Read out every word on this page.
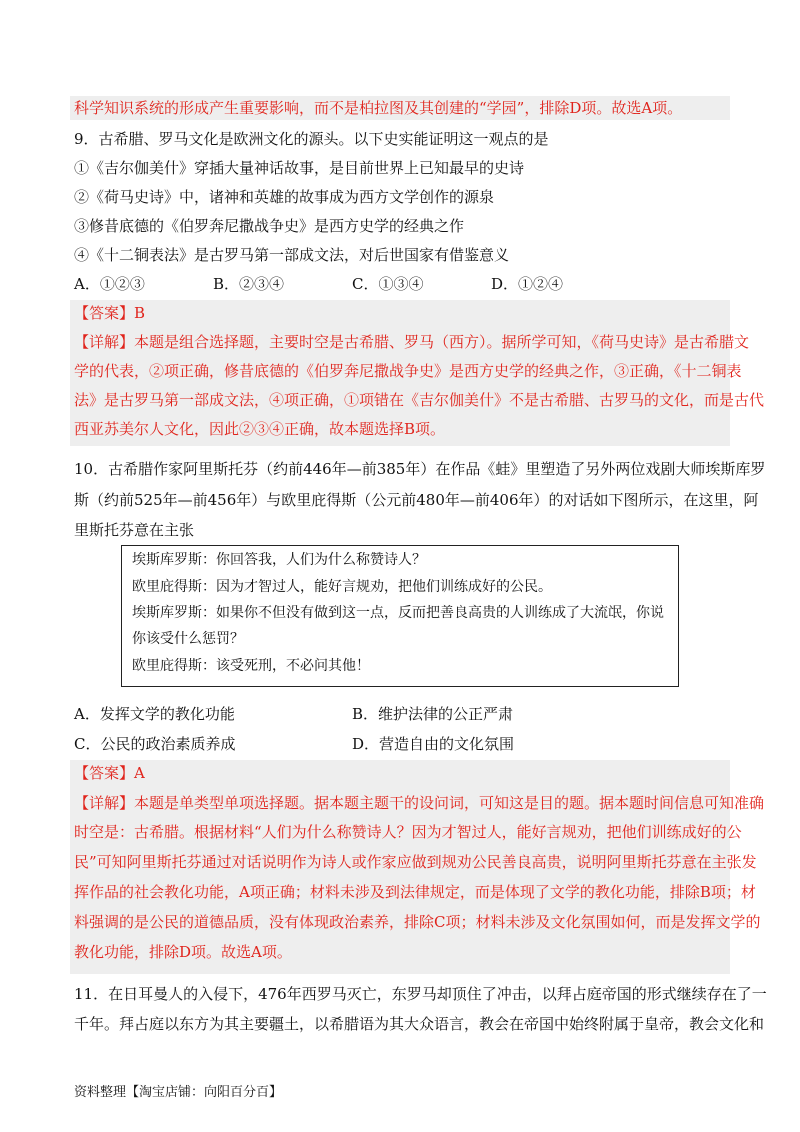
科学知识系统的形成产生重要影响，而不是柏拉图及其创建的“学园”，排除D项。故选A项。
9．古希腊、罗马文化是欧洲文化的源头。以下史实能证明这一观点的是
①《吉尔伽美什》穿插大量神话故事，是目前世界上已知最早的史诗
②《荷马史诗》中，诸神和英雄的故事成为西方文学创作的源泉
③修昔底德的《伯罗奔尼撒战争史》是西方史学的经典之作
④《十二铜表法》是古罗马第一部成文法，对后世国家有借鉴意义
A．①②③	B．②③④	C．①③④	D．①②④
【答案】B
【详解】本题是组合选择题，主要时空是古希腊、罗马（西方）。据所学可知，《荷马史诗》是古希腊文
学的代表，②项正确，修昔底德的《伯罗奔尼撒战争史》是西方史学的经典之作，③正确，《十二铜表
法》是古罗马第一部成文法，④项正确，①项错在《吉尔伽美什》不是古希腊、古罗马的文化，而是古代
西亚苏美尔人文化，因此②③④正确，故本题选择B项。
10．古希腊作家阿里斯托芬（约前446年—前385年）在作品《蛙》里塑造了另外两位戏剧大师埃斯库罗
斯（约前525年—前456年）与欧里庇得斯（公元前480年—前406年）的对话如下图所示，在这里，阿
里斯托芬意在主张
埃斯库罗斯：你回答我，人们为什么称赞诗人？
欧里庇得斯：因为才智过人，能好言规劝，把他们训练成好的公民。
埃斯库罗斯：如果你不但没有做到这一点，反而把善良高贵的人训练成了大流氓，你说
你该受什么惩罚？
欧里庇得斯：该受死刑，不必问其他！
A．发挥文学的教化功能	B．维护法律的公正严肃
C．公民的政治素质养成	D．营造自由的文化氛围
【答案】A
【详解】本题是单类型单项选择题。据本题主题干的设问词，可知这是目的题。据本题时间信息可知准确
时空是：古希腊。根据材料“人们为什么称赞诗人？因为才智过人，能好言规劝，把他们训练成好的公
民”可知阿里斯托芬通过对话说明作为诗人或作家应做到规劝公民善良高贵，说明阿里斯托芬意在主张发
挥作品的社会教化功能，A项正确；材料未涉及到法律规定，而是体现了文学的教化功能，排除B项；材
料强调的是公民的道德品质，没有体现政治素养，排除C项；材料未涉及文化氛围如何，而是发挥文学的
教化功能，排除D项。故选A项。
11．在日耳曼人的入侵下，476年西罗马灭亡，东罗马却顶住了冲击，以拜占庭帝国的形式继续存在了一
千年。拜占庭以东方为其主要疆土，以希腊语为其大众语言，教会在帝国中始终附属于皇帝，教会文化和
资料整理【淘宝店铺：向阳百分百】
